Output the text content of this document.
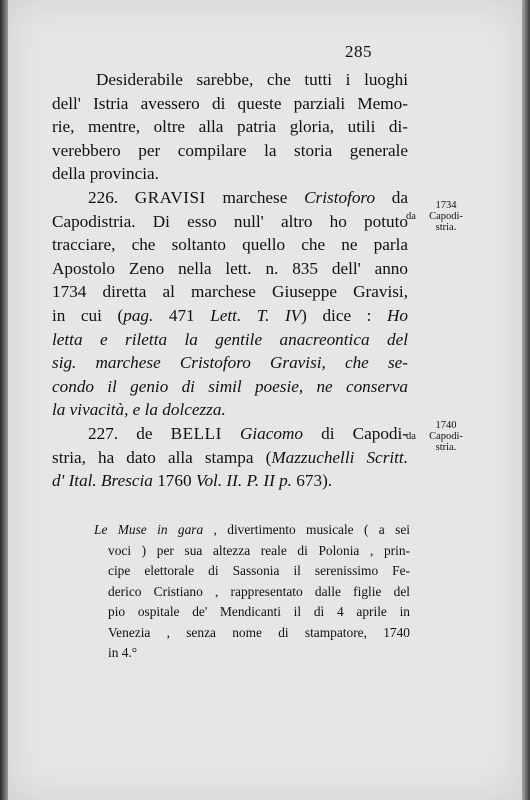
285
Desiderabile sarebbe, che tutti i luoghi
dell' Istria avessero di queste parziali Memo-
rie, mentre, oltre alla patria gloria, utili di-
verebbero per compilare la storia generale
della provincia.
226. GRAVISI marchese Cristoforo da
Capodistria. Di esso null' altro ho potuto
tracciare, che soltanto quello che ne parla
Apostolo Zeno nella lett. n. 835 dell' anno
1734 diretta al marchese Giuseppe Gravisi,
in cui (pag. 471 Lett. T. IV) dice : Ho
letta e riletta la gentile anacreontica del
sig. marchese Cristoforo Gravisi, che se-
condo il genio di simil poesie, ne conserva
la vivacità, e la dolcezza.
227. de BELLI Giacomo di Capodi-
stria, ha dato alla stampa (Mazzuchelli Scritt.
d' Ital. Brescia 1760 Vol. II. P. II p. 673).
1734
da Capodi-
stria.
1740
da Capodi-
stria.
Le Muse in gara , divertimento musicale ( a sei
voci ) per sua altezza reale di Polonia , prin-
cipe elettorale di Sassonia il serenissimo Fe-
derico Cristiano , rappresentato dalle figlie del
pio ospitale de' Mendicanti il dì 4 aprile in
Venezia , senza nome di stampatore, 1740
in 4.°
